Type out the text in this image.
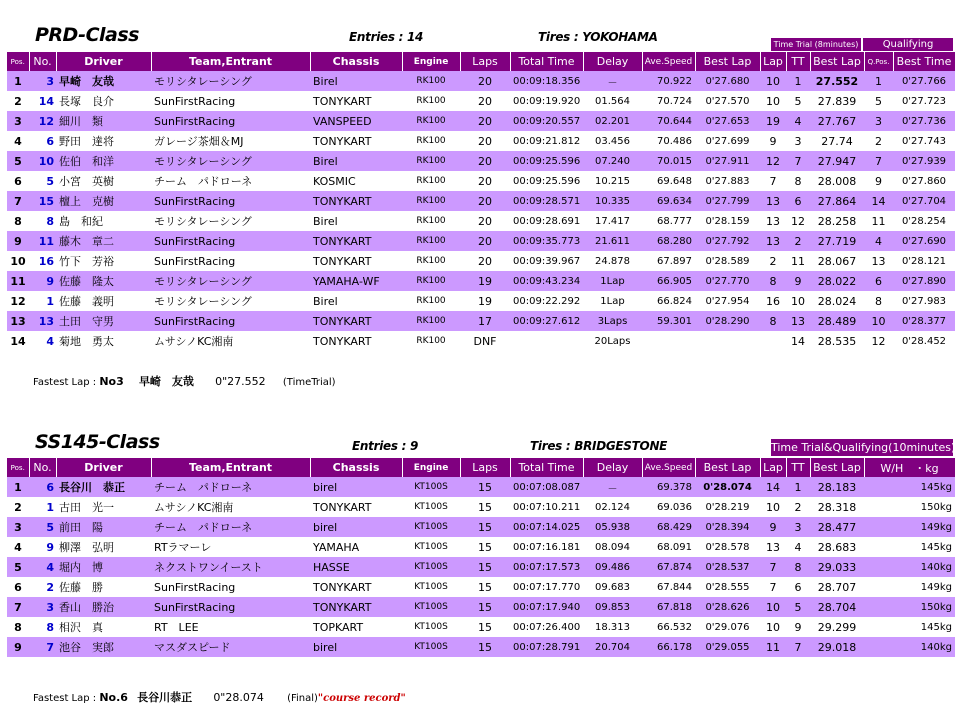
PRD-Class	Entries : 14	Tires : YOKOHAMA
Time Trial (8minutes)	Qualifying
Pos.	No.	Driver	Team,Entrant	Chassis	Engine	Laps	Total Time	Delay	Ave.Speed	Best Lap	Lap	TT	Best Lap	Q.Pos.	Best Time
1	3	早崎　友哉	モリシタレーシング	Birel	RK100	20	00:09:18.356	－	70.922	0'27.680	10	1	27.552	1	0'27.766
2	14	長塚　良介	SunFirstRacing	TONYKART	RK100	20	00:09:19.920	01.564	70.724	0'27.570	10	5	27.839	5	0'27.723
3	12	細川　類	SunFirstRacing	VANSPEED	RK100	20	00:09:20.557	02.201	70.644	0'27.653	19	4	27.767	3	0'27.736
4	6	野田　達将	ガレージ茶畑＆MJ	TONYKART	RK100	20	00:09:21.812	03.456	70.486	0'27.699	9	3	27.74	2	0'27.743
5	10	佐伯　和洋	モリシタレーシング	Birel	RK100	20	00:09:25.596	07.240	70.015	0'27.911	12	7	27.947	7	0'27.939
6	5	小宮　英樹	チーム　パドローネ	KOSMIC	RK100	20	00:09:25.596	10.215	69.648	0'27.883	7	8	28.008	9	0'27.860
7	15	檀上　克樹	SunFirstRacing	TONYKART	RK100	20	00:09:28.571	10.335	69.634	0'27.799	13	6	27.864	14	0'27.704
8	8	島　和紀	モリシタレーシング	Birel	RK100	20	00:09:28.691	17.417	68.777	0'28.159	13	12	28.258	11	0'28.254
9	11	藤木　章二	SunFirstRacing	TONYKART	RK100	20	00:09:35.773	21.611	68.280	0'27.792	13	2	27.719	4	0'27.690
10	16	竹下　芳裕	SunFirstRacing	TONYKART	RK100	20	00:09:39.967	24.878	67.897	0'28.589	2	11	28.067	13	0'28.121
11	9	佐藤　隆太	モリシタレーシング	YAMAHA-WF	RK100	19	00:09:43.234	1Lap	66.905	0'27.770	8	9	28.022	6	0'27.890
12	1	佐藤　義明	モリシタレーシング	Birel	RK100	19	00:09:22.292	1Lap	66.824	0'27.954	16	10	28.024	8	0'27.983
13	13	土田　守男	SunFirstRacing	TONYKART	RK100	17	00:09:27.612	3Laps	59.301	0'28.290	8	13	28.489	10	0'28.377
14	4	菊地　勇太	ムサシノKC湘南	TONYKART	RK100	DNF		20Laps				14	28.535	12	0'28.452
Fastest Lap : No3 早崎　友哉 0"27.552 (TimeTrial)
SS145-Class	Entries : 9	Tires : BRIDGESTONE	Time Trial&Qualifying(10minutes)
Pos.	No.	Driver	Team,Entrant	Chassis	Engine	Laps	Total Time	Delay	Ave.Speed	Best Lap	Lap	TT	Best Lap	W/H　・kg
1	6	長谷川　恭正	チーム　パドローネ	birel	KT100S	15	00:07:08.087	－	69.378	0'28.074	14	1	28.183	145kg
2	1	古田　光一	ムサシノKC湘南	TONYKART	KT100S	15	00:07:10.211	02.124	69.036	0'28.219	10	2	28.318	150kg
3	5	前田　陽	チーム　パドローネ	birel	KT100S	15	00:07:14.025	05.938	68.429	0'28.394	9	3	28.477	149kg
4	9	柳澤　弘明	RTラマーレ	YAMAHA	KT100S	15	00:07:16.181	08.094	68.091	0'28.578	13	4	28.683	145kg
5	4	堀内　博	ネクストワンイースト	HASSE	KT100S	15	00:07:17.573	09.486	67.874	0'28.537	7	8	29.033	140kg
6	2	佐藤　勝	SunFirstRacing	TONYKART	KT100S	15	00:07:17.770	09.683	67.844	0'28.555	7	6	28.707	149kg
7	3	香山　勝治	SunFirstRacing	TONYKART	KT100S	15	00:07:17.940	09.853	67.818	0'28.626	10	5	28.704	150kg
8	8	相沢　真	RT　LEE	TOPKART	KT100S	15	00:07:26.400	18.313	66.532	0'29.076	10	9	29.299	145kg
9	7	池谷　実郎	マスダスピード	birel	KT100S	15	00:07:28.791	20.704	66.178	0'29.055	11	7	29.018	140kg
Fastest Lap : No.6 長谷川恭正 0"28.074 (Final)"course record"
